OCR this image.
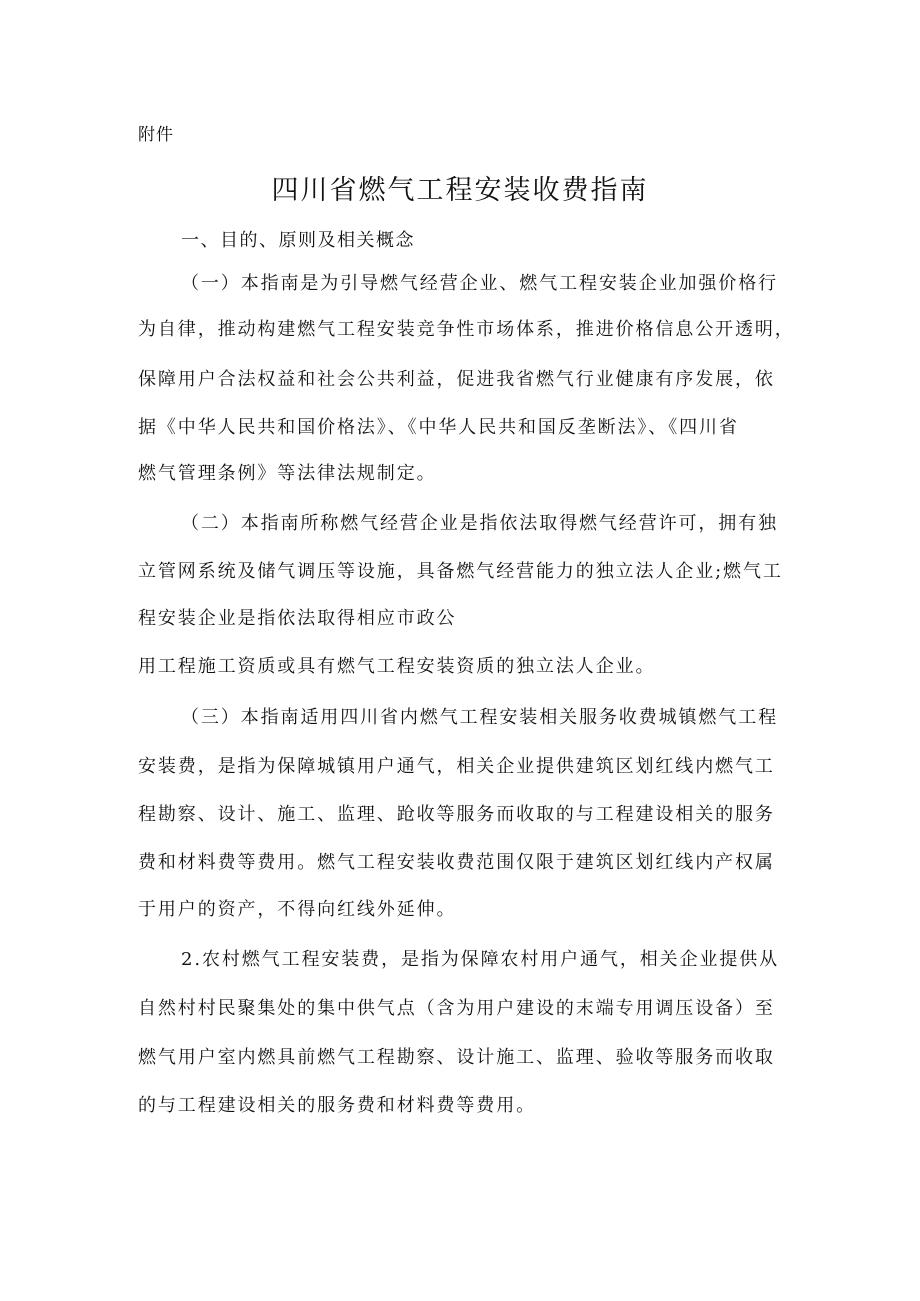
附件
四川省燃气工程安装收费指南
一、目的、原则及相关概念
（一）本指南是为引导燃气经营企业、燃气工程安装企业加强价格行
为自律，推动构建燃气工程安装竞争性市场体系，推进价格信息公开透明，
保障用户合法权益和社会公共利益，促进我省燃气行业健康有序发展，依
据《中华人民共和国价格法》、《中华人民共和国反垄断法》、《四川省
燃气管理条例》等法律法规制定。
（二）本指南所称燃气经营企业是指依法取得燃气经营许可，拥有独
立管网系统及储气调压等设施，具备燃气经营能力的独立法人企业;燃气工
程安装企业是指依法取得相应市政公
用工程施工资质或具有燃气工程安装资质的独立法人企业。
（三）本指南适用四川省内燃气工程安装相关服务收费城镇燃气工程
安装费，是指为保障城镇用户通气，相关企业提供建筑区划红线内燃气工
程勘察、设计、施工、监理、跄收等服务而收取的与工程建设相关的服务
费和材料费等费用。燃气工程安装收费范围仅限于建筑区划红线内产权属
于用户的资产，不得向红线外延伸。
2.农村燃气工程安装费，是指为保障农村用户通气，相关企业提供从
自然村村民聚集处的集中供气点（含为用户建设的末端专用调压设备）至
燃气用户室内燃具前燃气工程勘察、设计施工、监理、验收等服务而收取
的与工程建设相关的服务费和材料费等费用。
